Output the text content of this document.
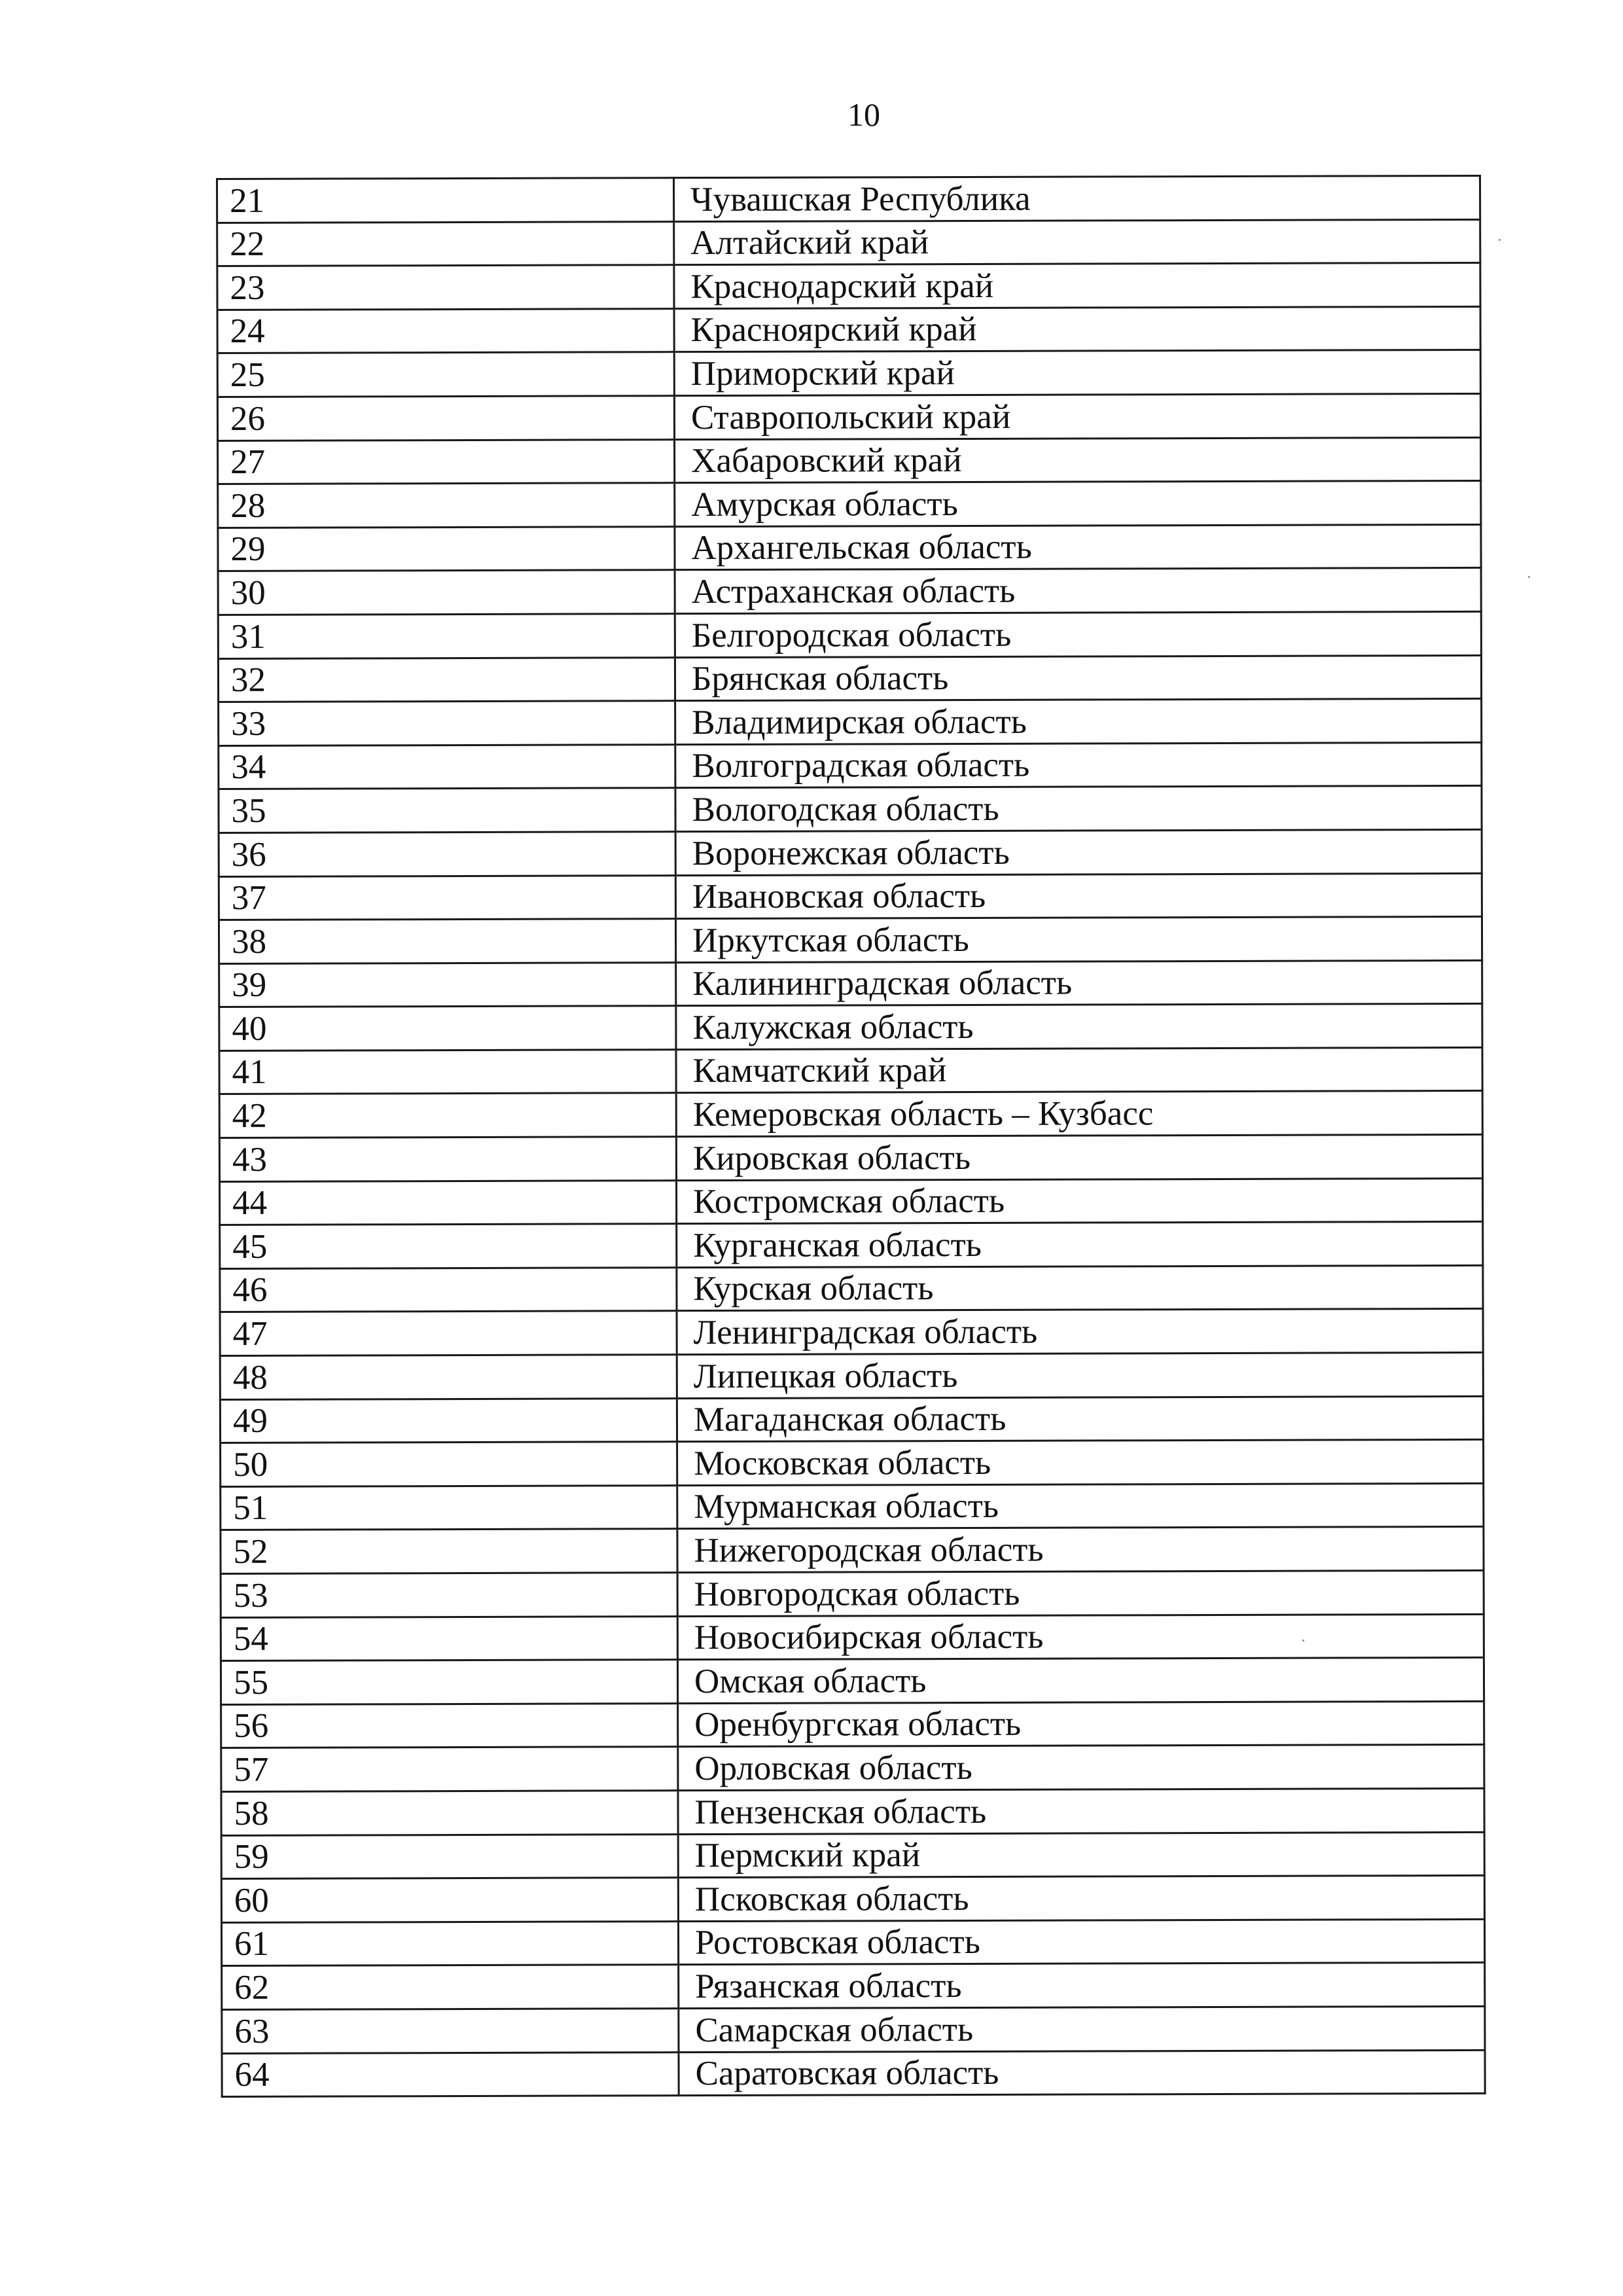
10
21	Чувашская Республика
22	Алтайский край
23	Краснодарский край
24	Красноярский край
25	Приморский край
26	Ставропольский край
27	Хабаровский край
28	Амурская область
29	Архангельская область
30	Астраханская область
31	Белгородская область
32	Брянская область
33	Владимирская область
34	Волгоградская область
35	Вологодская область
36	Воронежская область
37	Ивановская область
38	Иркутская область
39	Калининградская область
40	Калужская область
41	Камчатский край
42	Кемеровская область – Кузбасс
43	Кировская область
44	Костромская область
45	Курганская область
46	Курская область
47	Ленинградская область
48	Липецкая область
49	Магаданская область
50	Московская область
51	Мурманская область
52	Нижегородская область
53	Новгородская область
54	Новосибирская область
55	Омская область
56	Оренбургская область
57	Орловская область
58	Пензенская область
59	Пермский край
60	Псковская область
61	Ростовская область
62	Рязанская область
63	Самарская область
64	Саратовская область
